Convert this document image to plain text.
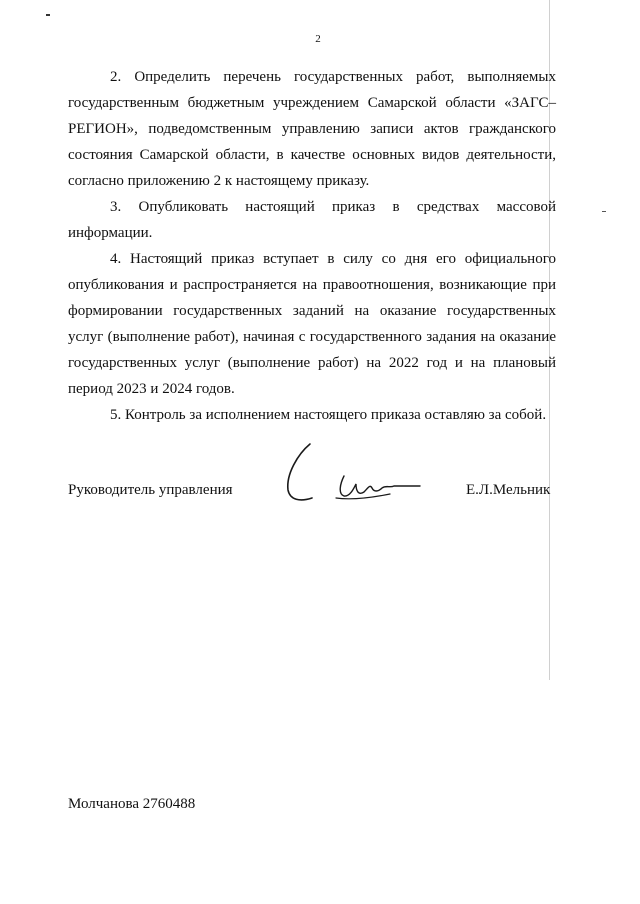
2

2. Определить перечень государственных работ, выполняемых государственным бюджетным учреждением Самарской области «ЗАГС–РЕГИОН», подведомственным управлению записи актов гражданского состояния Самарской области, в качестве основных видов деятельности, согласно приложению 2 к настоящему приказу.

3. Опубликовать настоящий приказ в средствах массовой информации.

4. Настоящий приказ вступает в силу со дня его официального опубликования и распространяется на правоотношения, возникающие при формировании государственных заданий на оказание государственных услуг (выполнение работ), начиная с государственного задания на оказание государственных услуг (выполнение работ) на 2022 год и на плановый период 2023 и 2024 годов.

5. Контроль за исполнением настоящего приказа оставляю за собой.

Руководитель управления	Е.Л.Мельник
Молчанова 2760488
